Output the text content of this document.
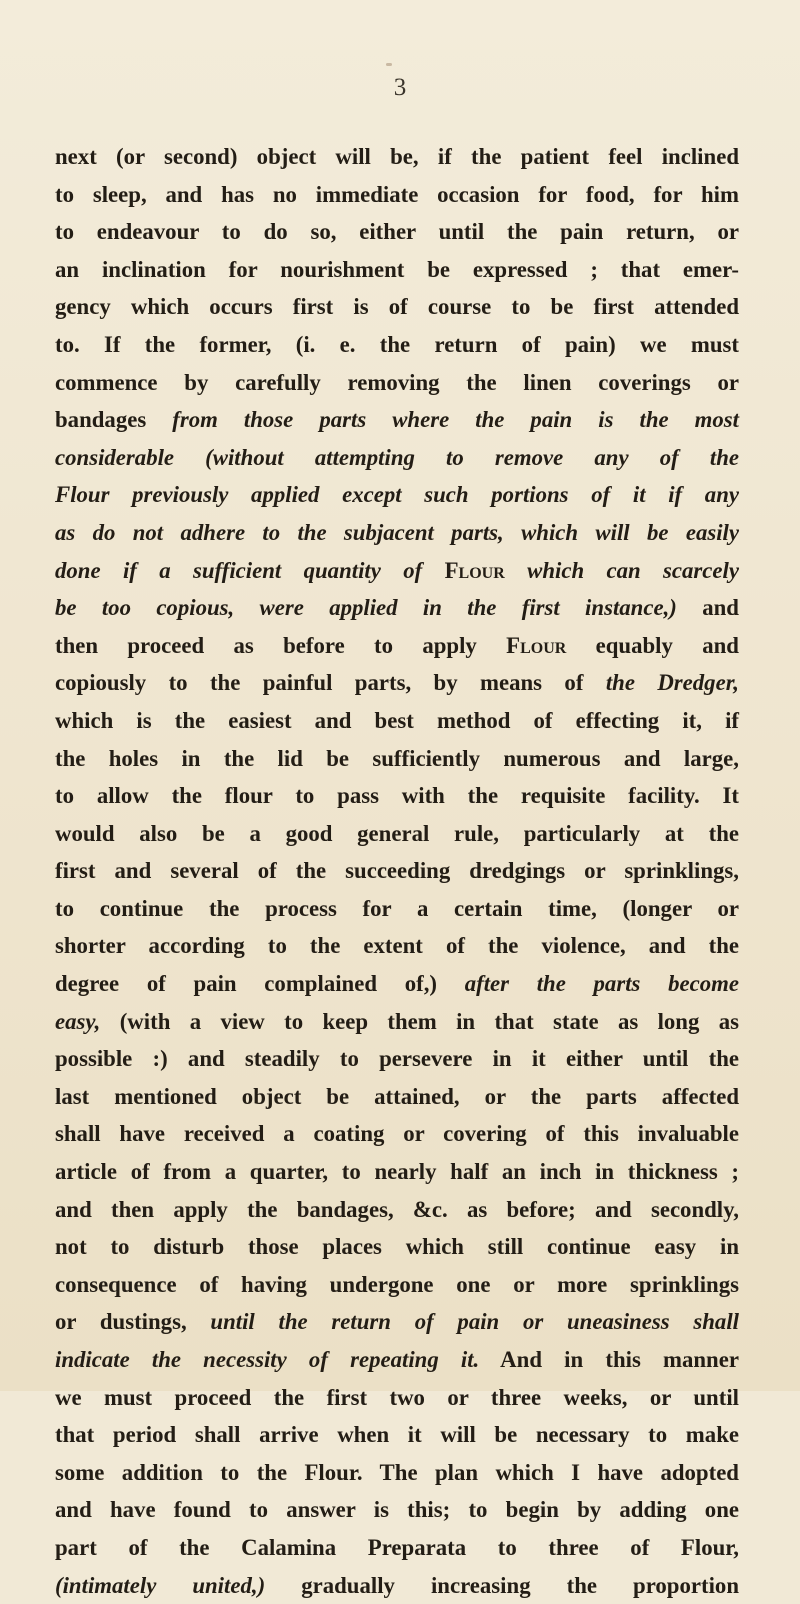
3
next (or second) object will be, if the patient feel inclined
to sleep, and has no immediate occasion for food, for him
to endeavour to do so, either until the pain return, or
an inclination for nourishment be expressed ; that emer-
gency which occurs first is of course to be first attended
to. If the former, (i. e. the return of pain) we must
commence by carefully removing the linen coverings or
bandages from those parts where the pain is the most
considerable (without attempting to remove any of the
Flour previously applied except such portions of it if any
as do not adhere to the subjacent parts, which will be easily
done if a sufficient quantity of Flour which can scarcely
be too copious, were applied in the first instance,) and
then proceed as before to apply Flour equably and
copiously to the painful parts, by means of the Dredger,
which is the easiest and best method of effecting it, if
the holes in the lid be sufficiently numerous and large,
to allow the flour to pass with the requisite facility. It
would also be a good general rule, particularly at the
first and several of the succeeding dredgings or sprinklings,
to continue the process for a certain time, (longer or
shorter according to the extent of the violence, and the
degree of pain complained of,) after the parts become
easy, (with a view to keep them in that state as long as
possible :) and steadily to persevere in it either until the
last mentioned object be attained, or the parts affected
shall have received a coating or covering of this invaluable
article of from a quarter, to nearly half an inch in thickness ;
and then apply the bandages, &c. as before; and secondly,
not to disturb those places which still continue easy in
consequence of having undergone one or more sprinklings
or dustings, until the return of pain or uneasiness shall
indicate the necessity of repeating it. And in this manner
we must proceed the first two or three weeks, or until
that period shall arrive when it will be necessary to make
some addition to the Flour. The plan which I have adopted
and have found to answer is this; to begin by adding one
part of the Calamina Preparata to three of Flour,
(intimately united,) gradually increasing the proportion
